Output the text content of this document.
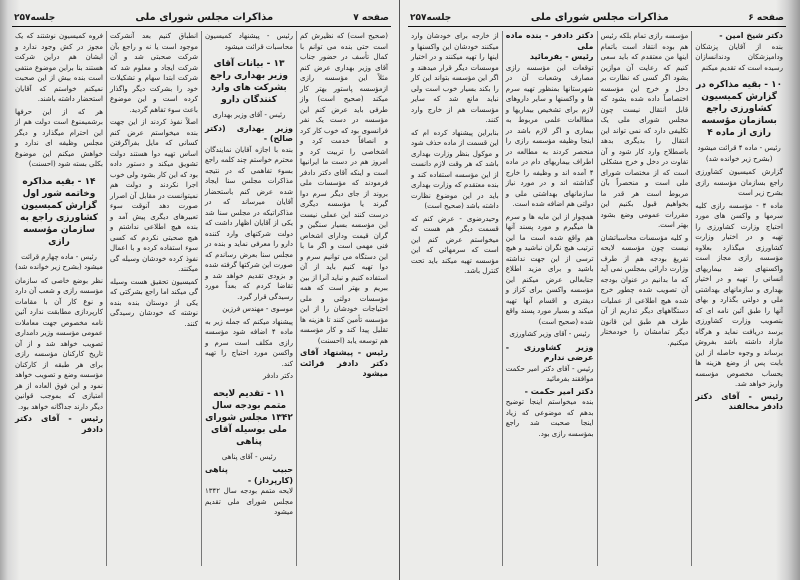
صفحه ۷
مذاکرات مجلس شورای ملی
جلسه۲۵۷
(صحیح است) که نظیرش کم است حتی بنده می توانم با کمال تأسف در حضور جناب آقای وزیر بهداری عرض کنم مثلاً این مؤسسه رازی ازمؤسسه پاستور بهتر کار میکند (صحیح است) واز طرفی باید عرض کنم این مؤسسه در دست یک نفر فرانسوی بود که خوب کار کرد و انصافاً خدمت کرد و اشخاصی را تربیت کرد و امروز هم در دست ما ایرانیها است و اینکه آقای دکتر دادفر فرمودند که مؤسسات ملی بروند از جای دیگر سرم دوا گیرند یا مؤسسه دیگری درست کنند این عملی نیست این مؤسسه بسیار سنگین و گران قیمت ودارای اشخاص فنی مهمی است و اگر ما با این دستگاه می توانیم سرم و دوا تهیه کنیم باید از آن استفاده کنیم و نباید آنرا از بین ببریم و بهتر است که همه مؤسسات دولتی و ملی احتیاجات خودشان را از این مؤسسه تأمین کنند تا هزینه ها تقلیل پیدا کند و کار مؤسسه هم توسعه یابد (احسنت)
رئیس - پیشنهاد آقای دکتر دادفر قرائت میشود
رئیس - پیشنهاد کمیسیون محاسبات قرائت میشود
۱۳ - بیانات آقای وزیر بهداری راجع بشرکت های وارد کنندگان دارو
رئیس - آقای وزیر بهداری
وزیر بهداری (دکتر صالح) -
بنده با اجازه آقایان نمایندگان محترم خواستم چند کلمه راجع بسوء تفاهمی که در نتیجه مذاکرات مجلس سنا ایجاد شده عرض کنم باستحضار آقایان میرساند که در مذاکراتیکه در مجلس سنا شد یکی از آقایان اظهار داشت که دولت شرکتهای وارد کننده دارو را معرفی نماید و بنده در مجلس سنا بعرض رساندم که صورت این شرکتها گرفته شده و بزودی تقدیم خواهد شد و تقاضا کردم که بعداً مورد رسیدگی قرار گیرد.
موسوی - مهندس فرزین
پیشنهاد میکنم که جمله زیر به ماده ۴ اضافه شود مؤسسه رازی مکلف است سرم و واکسن مورد احتیاج را تهیه کند.
دکتر دادفر
۱۱ - تقدیم لایحه متمم بودجه سال ۱۳۴۲ مجلس شورای ملی بوسیله آقای پناهی
رئیس - آقای پناهی
حبیب پناهی (کارپرداز) -
لایحه متمم بودجه سال ۱۳۴۲ مجلس شورای ملی تقدیم میشود
انطباق کنیم بعد آنشرکت موجود است یا نه و راجع بآن شرکت صحبتی شد و آن شرکت ایجاد و معلوم شد که شرکت ابتدا سهام و تشکیلات خود را بشرکت دیگر واگذار کرده است و این موضوع باعث سوء تفاهم گردید.
اصلاً نفوذ کردند از این جهت بنده میخواستم عرض کنم کسانی که مایل بفراگرفتن اساس تهیه دوا هستند دولت تشویق میکند و دستور داده بود که این کار بشود ولی خوب اجرا نکردند و دولت هم نمیتوانست در مقابل آن اصرار صورت دهد آنوقت سوء تعبیرهای دیگری پیش آمد و بنده هیچ اطلاعی نداشتم و هیچ صحبتی نکردم که کسی سوء استفاده کرده و با اعمال نفوذ کرده خودشان وسیله گی میکنند.
کمیسیون تحقیق هست وسیله گی میکند اما راجع بشرکتی که یکی از دوستان بنده بنده نوشته که خودشان رسیدگی کنند.
فروه کمیسیون نوشتند که یک مجوز در کش وجود ندارد و ایشان هم دراین شرکت هستند بنا براین موضوع منتفی است بنده بیش از این صحبت نمیکنم خواستم که آقایان استحضار داشته باشند.
هر که از این حرفها برشمیمنوع است دولت هم از این احترام میگذارد و دیگر مجلس وظیفه ای ندارد و خواهش میکنم این موضوع بکلی بسته شود (احسنت)
۱۴ - بقیه مذاکره وخاتمه شور اول گزارش کمیسیون کشاورزی راجع به سازمان مؤسسه رازی
رئیس - ماده چهارم قرائت میشود (بشرح زیر خوانده شد)
نظر بوضع خاصی که سازمان مؤسسه رازی و شعب آن دارد و نوع کار آن با مقامات کارپردازی مطابقت ندارد آئین نامه مخصوص جهت معاملات عمومی مؤسسه وزیر دامداری تصویب خواهد شد و از آن تاریخ کارکنان مؤسسه رازی برای هر طبقه از کارکنان مؤسسه وضع و تصویب خواهد نمود و این فوق العاده از هر امتیازی که بموجب قوانین دیگر دارند جداگانه خواهد بود.
رئیس - آقای دکتر دادفر
صفحه ۶
مذاکرات مجلس شورای ملی
جلسه۲۵۷
دکتر شیخ امین -
بنده از آقایان پزشکان ودامپزشکان ودندانسازان رسیده است که تقدیم میکنم
۱۰ - بقیه مذاکره در گزارش کمیسیون کشاورزی راجع بسازمان مؤسسه رازی از ماده ۴
رئیس - ماده ۴ قرائت میشود (بشرح زیر خوانده شد)
گزارش کمیسیون کشاورزی راجع بسازمان مؤسسه رازی بشرح زیر است
ماده ۴ - مؤسسه رازی کلیه سرمها و واکسن های مورد احتیاج وزارت کشاورزی را تهیه و در اختیار وزارت کشاورزی میگذارد بعلاوه مؤسسه رازی مجاز است واکسنهای ضد بیماریهای انسانی را تهیه و در اختیار بهداری و سازمانهای بهداشتی ملی و دولتی بگذارد و بهای آنها را طبق آئین نامه ای که بتصویب وزارت کشاورزی برسد دریافت نماید و هرگاه مازاد داشته باشد بفروش برساند و وجوه حاصله از این بابت پس از وضع هزینه ها بحساب مخصوص مؤسسه واریز خواهد شد.
رئیس - آقای دکتر دادفر مخالفند
مؤسسه رازی تمام بلکه رئیس هم بوده انتقاد است باتمام اینها من معتقدم که باید سعی کنیم که رعایت آن موازین بشود اگر کسی که نظارت بر دخل و خرج این مؤسسه اختصاصاً داده شده بشود که قابل انتقال نیست چون مجلس شورای ملی یک تکلیفی دارد که نمی تواند این انتقال را بدیگری بدهد باصطلاح وارد کار شود و آن تفاوت در دخل و خرج مشکلی است که از مختصات شورای ملی است و منحصراً بآن مربوط است هر قدر ما بخواهیم قبول بکنیم این مقررات عمومی وضع بشود بهتر است.
و کلیه مؤسسات محاسباتشان نیست چون مؤسسه لایحه تفریغ بودجه هم از طرف وزارت دارائی بمجلس نمی آید که ما بدانیم در عنوان بودجه آن تصویب شده چطور خرج شده هیچ اطلاعی از عملیات دستگاههای دیگر تداریم از آن طرف هم طبق این قانون دیگر تمامشان را خودمختار میکنیم.
دکتر دادفر - بنده ماده ملی
رئیس - بفرمائید
توقعات این مؤسسه رازی مصارف وشعبات آن در شهرستانها بمنظور تهیه سرم ها و واکسنها و سایر داروهای لازم برای تشخیص بیماریها و مطالعات علمی مربوط به بیماری و اگر لازم باشد در اینجا وظیفه مؤسسه رازی را منحصر کردند به مطالعه در اطراف بیماریهای دام در ماده ۴ آمده اند و وظیفه را خارج گذاشته اند و در مورد نیاز سازمانهای بهداشتی ملی و دولتی هم اضافه شده است.
همچوار از این مایه ها و سرم ها میگیرم و مورد پسند آنها هم واقع شده است ما این ترتیب هیچ نگران نباشید و هیچ ترسی از این جهت نداشته باشید و برای مزید اطلاع جنابعالی عرض میکنم این مؤسسه واکسن برای کزاز و دیفتری و اقسام آنها تهیه میکند و بسیار مورد پسند واقع شده (صحیح است)
رئیس - آقای وزیر کشاورزی
وزیر کشاورزی - عرضی ندارم
رئیس - آقای دکتر امیر حکمت موافقند بفرمائید
دکتر امیر حکمت -
بنده میخواستم اینجا توضیح بدهم که موضوعی که زیاد اینجا صحبت شد راجع بمؤسسه رازی بود.
از خارجه برای خودشان وارد میکنند خودشان این واکسنها و اینها را تهیه میکنند و در اختیار موسسات دیگر قرار میدهند و اگر این مؤسسه بتواند این کار را بکند بسیار خوب است ولی نباید مانع شد که سایر مؤسسات هم از خارج وارد کنند.
بنابراین پیشنهاد کرده ام که این قسمت از ماده حذف شود و موکول بنظر وزارت بهداری باشد که هر وقت لازم دانست از این مؤسسه استفاده کند و بنده معتقدم که وزارت بهداری باید در این موضوع نظارت داشته باشد (صحیح است)
وحیدرضوی - عرض کنم که قسمت دیگر هم هست که میخواستم عرض کنم این است که سرمهائی که این مؤسسه تهیه میکند باید تحت کنترل باشد.
